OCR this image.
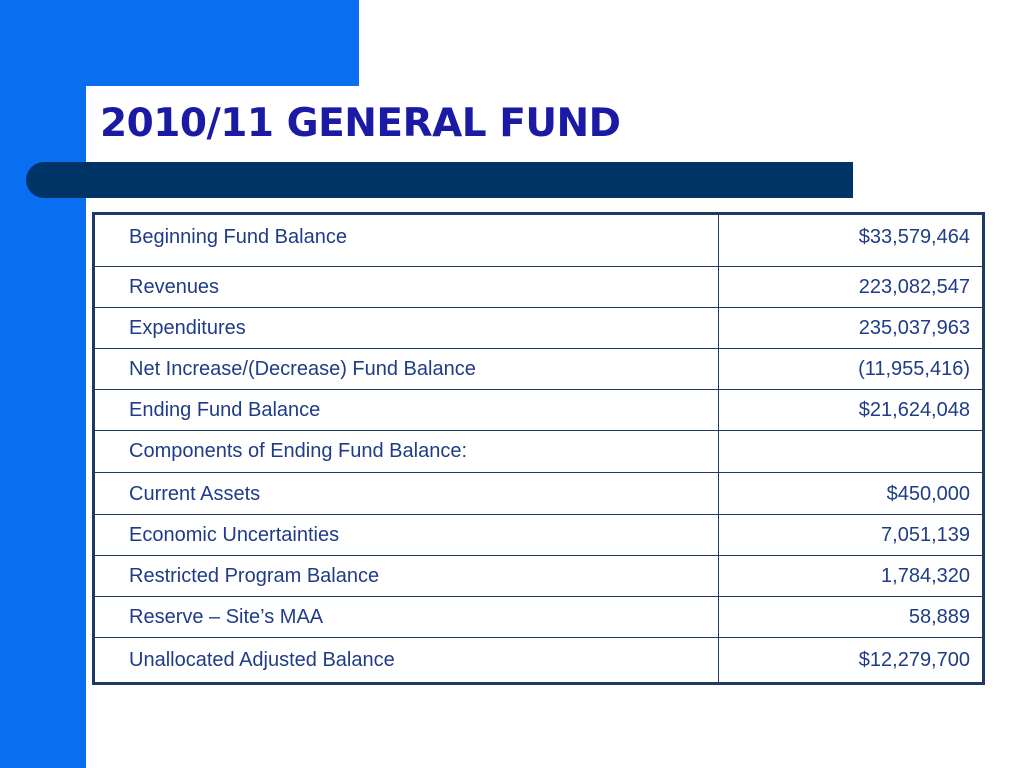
2010/11 GENERAL FUND
Beginning Fund Balance	$33,579,464
Revenues	223,082,547
Expenditures	235,037,963
Net Increase/(Decrease) Fund Balance	(11,955,416)
Ending Fund Balance	$21,624,048
Components of Ending Fund Balance:	
Current Assets	$450,000
Economic Uncertainties	7,051,139
Restricted Program Balance	1,784,320
Reserve – Site’s MAA	58,889
Unallocated Adjusted Balance	$12,279,700
